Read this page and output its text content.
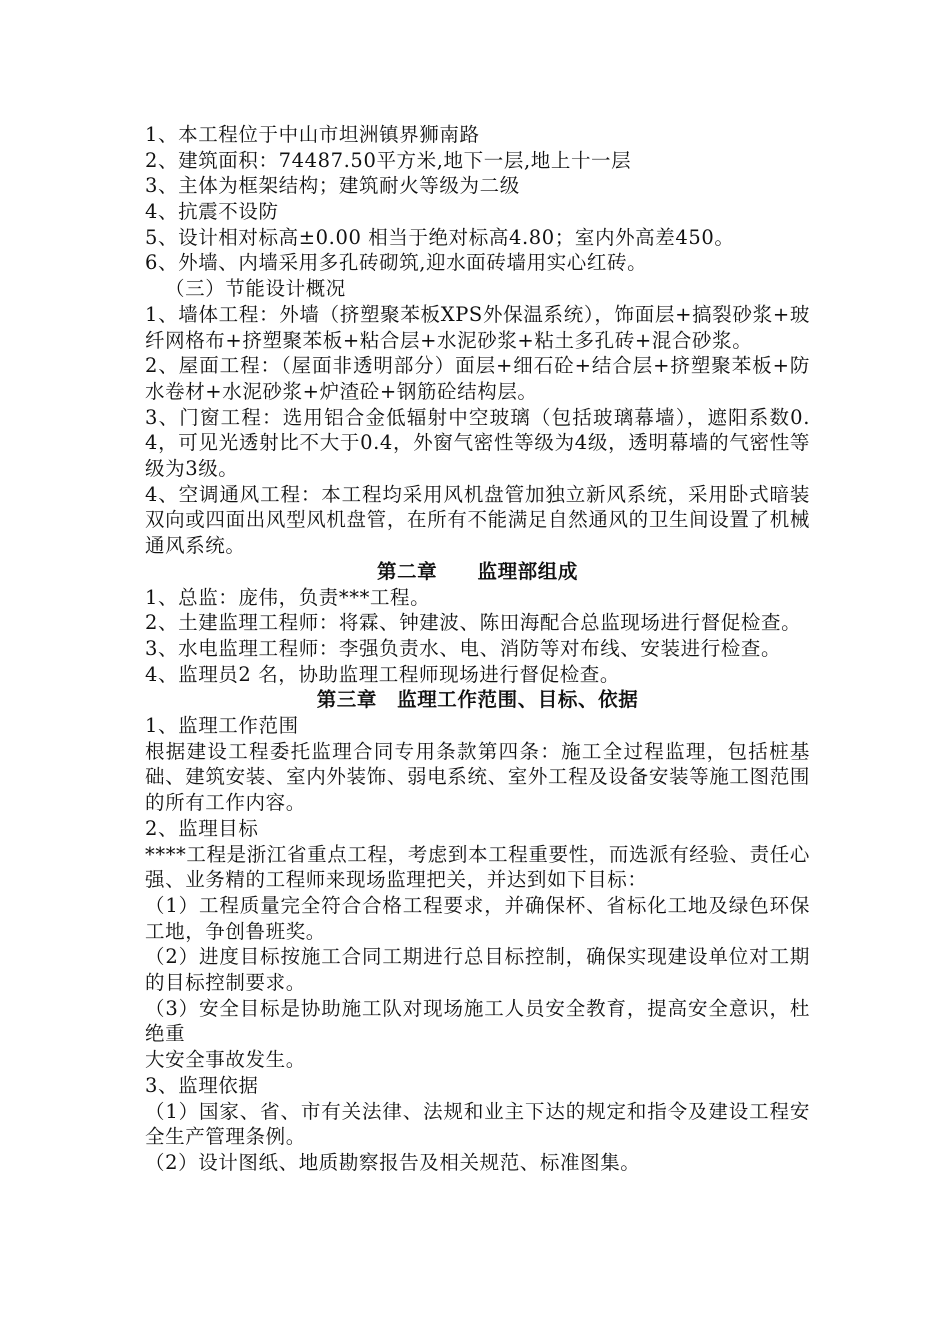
1、本工程位于中山市坦洲镇界狮南路
2、建筑面积：74487.50平方米,地下一层,地上十一层
3、主体为框架结构；建筑耐火等级为二级
4、抗震不设防
5、设计相对标高±0.00 相当于绝对标高4.80；室内外高差450。
6、外墙、内墙采用多孔砖砌筑,迎水面砖墙用实心红砖。
（三）节能设计概况
1、墙体工程：外墙（挤塑聚苯板XPS外保温系统），饰面层+搞裂砂浆+玻纤网格布+挤塑聚苯板+粘合层+水泥砂浆+粘土多孔砖+混合砂浆。
2、屋面工程：（屋面非透明部分）面层+细石砼+结合层+挤塑聚苯板+防水卷材+水泥砂浆+炉渣砼+钢筋砼结构层。
3、门窗工程：选用铝合金低辐射中空玻璃（包括玻璃幕墙），遮阳系数0.4，可见光透射比不大于0.4，外窗气密性等级为4级，透明幕墙的气密性等级为3级。
4、空调通风工程：本工程均采用风机盘管加独立新风系统，采用卧式暗装双向或四面出风型风机盘管，在所有不能满足自然通风的卫生间设置了机械通风系统。
第二章　　监理部组成
1、总监：庞伟，负责***工程。
2、土建监理工程师：将霖、钟建波、陈田海配合总监现场进行督促检查。
3、水电监理工程师：李强负责水、电、消防等对布线、安装进行检查。
4、监理员2 名，协助监理工程师现场进行督促检查。
第三章　监理工作范围、目标、依据
1、监理工作范围
根据建设工程委托监理合同专用条款第四条：施工全过程监理，包括桩基础、建筑安装、室内外装饰、弱电系统、室外工程及设备安装等施工图范围的所有工作内容。
2、监理目标
****工程是浙江省重点工程，考虑到本工程重要性，而选派有经验、责任心强、业务精的工程师来现场监理把关，并达到如下目标：
（1）工程质量完全符合合格工程要求，并确保杯、省标化工地及绿色环保工地，争创鲁班奖。
（2）进度目标按施工合同工期进行总目标控制，确保实现建设单位对工期的目标控制要求。
（3）安全目标是协助施工队对现场施工人员安全教育，提高安全意识，杜绝重
大安全事故发生。
3、监理依据
（1）国家、省、市有关法律、法规和业主下达的规定和指令及建设工程安全生产管理条例。
（2）设计图纸、地质勘察报告及相关规范、标准图集。
